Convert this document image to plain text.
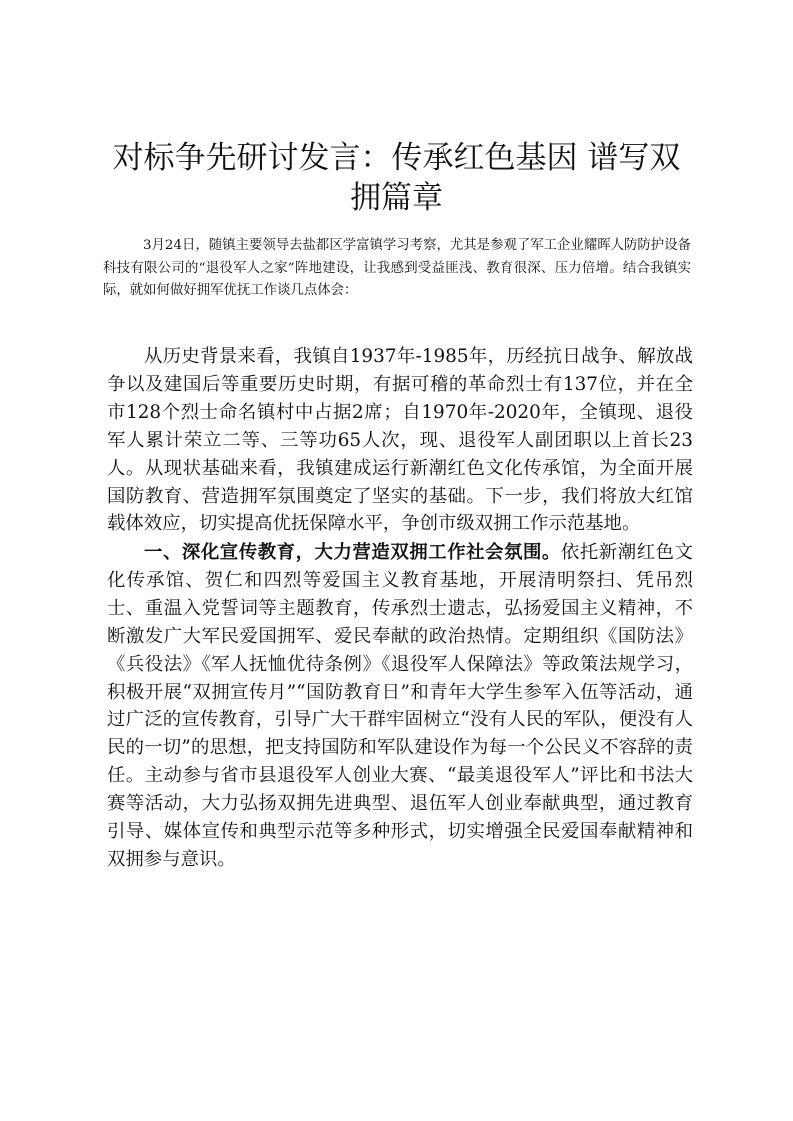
对标争先研讨发言：传承红色基因 谱写双拥篇章

3月24日，随镇主要领导去盐都区学富镇学习考察，尤其是参观了军工企业耀晖人防防护设备科技有限公司的“退役军人之家”阵地建设，让我感到受益匪浅、教育很深、压力倍增。结合我镇实际，就如何做好拥军优抚工作谈几点体会：

从历史背景来看，我镇自1937年-1985年，历经抗日战争、解放战争以及建国后等重要历史时期，有据可稽的革命烈士有137位，并在全市128个烈士命名镇村中占据2席；自1970年-2020年，全镇现、退役军人累计荣立二等、三等功65人次，现、退役军人副团职以上首长23人。从现状基础来看，我镇建成运行新潮红色文化传承馆，为全面开展国防教育、营造拥军氛围奠定了坚实的基础。下一步，我们将放大红馆载体效应，切实提高优抚保障水平，争创市级双拥工作示范基地。

一、深化宣传教育，大力营造双拥工作社会氛围。依托新潮红色文化传承馆、贺仁和四烈等爱国主义教育基地，开展清明祭扫、凭吊烈士、重温入党誓词等主题教育，传承烈士遗志，弘扬爱国主义精神，不断激发广大军民爱国拥军、爱民奉献的政治热情。定期组织《国防法》《兵役法》《军人抚恤优待条例》《退役军人保障法》等政策法规学习，积极开展“双拥宣传月”“国防教育日”和青年大学生参军入伍等活动，通过广泛的宣传教育，引导广大干群牢固树立“没有人民的军队，便没有人民的一切”的思想，把支持国防和军队建设作为每一个公民义不容辞的责任。主动参与省市县退役军人创业大赛、“最美退役军人”评比和书法大赛等活动，大力弘扬双拥先进典型、退伍军人创业奉献典型，通过教育引导、媒体宣传和典型示范等多种形式，切实增强全民爱国奉献精神和双拥参与意识。
